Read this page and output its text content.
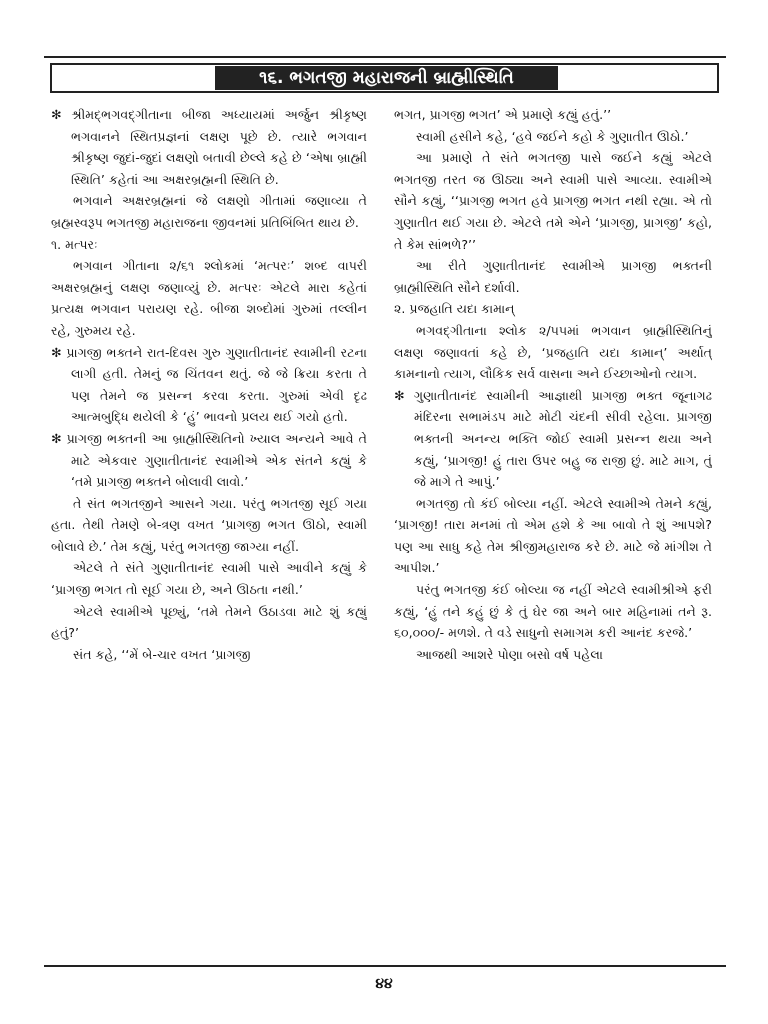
૧૬. ભગતજી મહારાજની બ્રાહ્મીસ્થિતિ

✻ શ્રીમદ્‌ભગવદ્‌ગીતાના બીજા અધ્યાયમાં અર્જુન શ્રીકૃષ્ણ ભગવાનને સ્થિતપ્રજ્ઞનાં લક્ષણ પૂછે છે. ત્યારે ભગવાન શ્રીકૃષ્ણ જુદાં-જુદાં લક્ષણો બતાવી છેલ્લે કહે છે ‘એષા બ્રાહ્મી સ્થિતિ’ કહેતાં આ અક્ષરબ્રહ્મની સ્થિતિ છે.

ભગવાને અક્ષરબ્રહ્મનાં જે લક્ષણો ગીતામાં જણાવ્યા તે બ્રહ્મસ્વરૂપ ભગતજી મહારાજના જીવનમાં પ્રતિબિંબિત થાય છે.

૧. મત્પરઃ

ભગવાન ગીતાના ૨/૬૧ શ્લોકમાં ‘મત્પરઃ’ શબ્દ વાપરી અક્ષરબ્રહ્મનું લક્ષણ જણાવ્યું છે. મત્પરઃ એટલે મારા કહેતાં પ્રત્યક્ષ ભગવાન પરાયણ રહે. બીજા શબ્દોમાં ગુરુમાં તલ્લીન રહે, ગુરુમય રહે.

✻ પ્રાગજી ભક્તને રાત-દિવસ ગુરુ ગુણાતીતાનંદ સ્વામીની રટના લાગી હતી. તેમનું જ ચિંતવન થતું. જે જે ક્રિયા કરતા તે પણ તેમને જ પ્રસન્ન કરવા કરતા. ગુરુમાં એવી દૃઢ આત્મબુદ્ધિ થયેલી કે ‘હું’ ભાવનો પ્રલય થઈ ગયો હતો.

✻ પ્રાગજી ભક્તની આ બ્રાહ્મીસ્થિતિનો ખ્યાલ અન્યને આવે તે માટે એકવાર ગુણાતીતાનંદ સ્વામીએ એક સંતને કહ્યું કે ‘તમે પ્રાગજી ભક્તને બોલાવી લાવો.’

તે સંત ભગતજીને આસને ગયા. પરંતુ ભગતજી સૂઈ ગયા હતા. તેથી તેમણે બે-ત્રણ વખત ‘પ્રાગજી ભગત ઊઠો, સ્વામી બોલાવે છે.’ તેમ કહ્યું, પરંતુ ભગતજી જાગ્યા નહીં.

એટલે તે સંતે ગુણાતીતાનંદ સ્વામી પાસે આવીને કહ્યું કે ‘પ્રાગજી ભગત તો સૂઈ ગયા છે, અને ઊઠતા નથી.’

એટલે સ્વામીએ પૂછ્યું, ‘તમે તેમને ઉઠાડવા માટે શું કહ્યું હતું?’

સંત કહે, ‘‘મેં બે-ચાર વખત ‘પ્રાગજી

ભગત, પ્રાગજી ભગત’ એ પ્રમાણે કહ્યું હતું.’’

સ્વામી હસીને કહે, ‘હવે જઈને કહો કે ગુણાતીત ઊઠો.’

આ પ્રમાણે તે સંતે ભગતજી પાસે જઈને કહ્યું એટલે ભગતજી તરત જ ઊઠ્યા અને સ્વામી પાસે આવ્યા. સ્વામીએ સૌને કહ્યું, ‘‘પ્રાગજી ભગત હવે પ્રાગજી ભગત નથી રહ્યા. એ તો ગુણાતીત થઈ ગયા છે. એટલે તમે એને ‘પ્રાગજી, પ્રાગજી’ કહો, તે કેમ સાંભળે?’’

આ રીતે ગુણાતીતાનંદ સ્વામીએ પ્રાગજી ભક્તની બ્રાહ્મીસ્થિતિ સૌને દર્શાવી.

૨. પ્રજહાતિ યદા કામાન્‌

ભગવદ્‌ગીતાના શ્લોક ૨/૫૫માં ભગવાન બ્રાહ્મીસ્થિતિનું લક્ષણ જણાવતાં કહે છે, ‘પ્રજહાતિ યદા કામાન્‌’ અર્થાત્‌ કામનાનો ત્યાગ, લૌકિક સર્વ વાસના અને ઈચ્છાઓનો ત્યાગ.

✻ ગુણાતીતાનંદ સ્વામીની આજ્ઞાથી પ્રાગજી ભક્ત જૂનાગઢ મંદિરના સભામંડપ માટે મોટી ચંદની સીવી રહેલા. પ્રાગજી ભક્તની અનન્ય ભક્તિ જોઈ સ્વામી પ્રસન્ન થયા અને કહ્યું, ‘પ્રાગજી! હું તારા ઉપર બહુ જ રાજી છું. માટે માગ, તું જે માગે તે આપું.’

ભગતજી તો કંઈ બોલ્યા નહીં. એટલે સ્વામીએ તેમને કહ્યું, ‘પ્રાગજી! તારા મનમાં તો એમ હશે કે આ બાવો તે શું આપશે? પણ આ સાધુ કહે તેમ શ્રીજીમહારાજ કરે છે. માટે જે માંગીશ તે આપીશ.’

પરંતુ ભગતજી કંઈ બોલ્યા જ નહીં એટલે સ્વામીશ્રીએ ફરી કહ્યું, ‘હું તને કહું છું કે તું ઘેર જા અને બાર મહિનામાં તને રૂ. ૬૦,૦૦૦/- મળશે. તે વડે સાધુનો સમાગમ કરી આનંદ કરજે.’

આજથી આશરે પોણા બસો વર્ષ પહેલા

૪૪
